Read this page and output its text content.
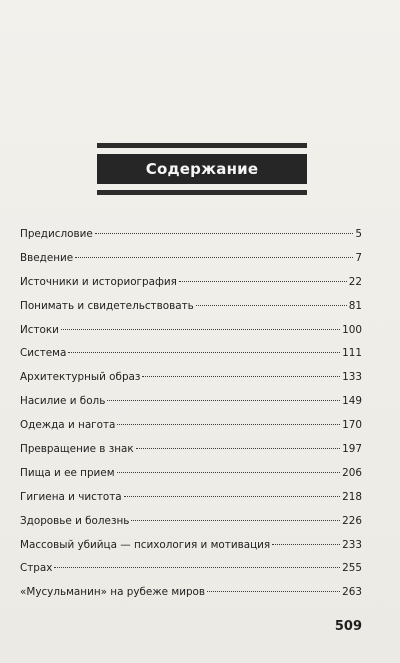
Содержание
Предисловие	5
Введение	7
Источники и историография	22
Понимать и свидетельствовать	81
Истоки	100
Система	111
Архитектурный образ	133
Насилие и боль	149
Одежда и нагота	170
Превращение в знак	197
Пища и ее прием	206
Гигиена и чистота	218
Здоровье и болезнь	226
Массовый убийца — психология и мотивация	233
Страх	255
«Мусульманин» на рубеже миров	263
509
